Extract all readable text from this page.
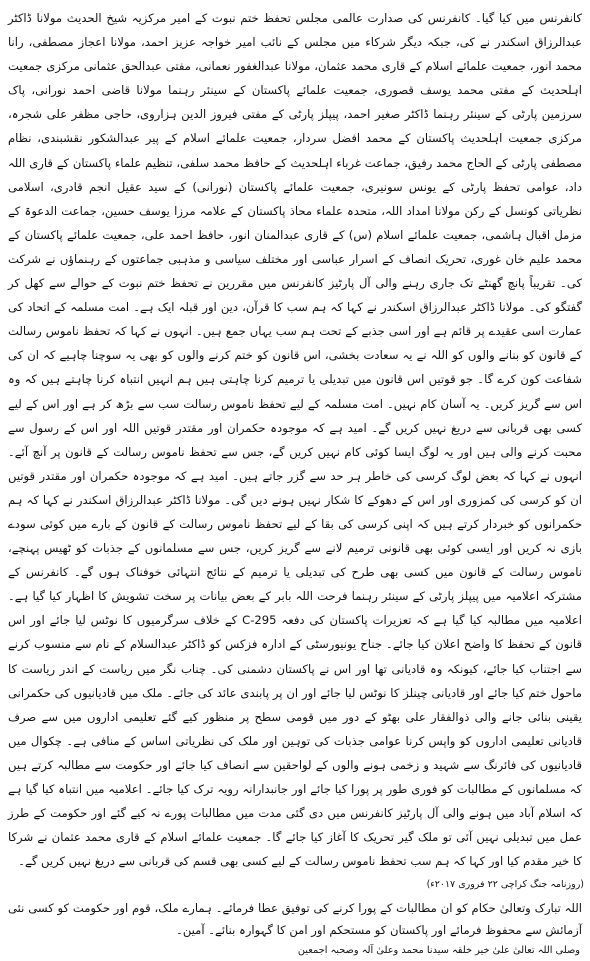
کانفرنس میں کیا گیا۔ کانفرنس کی صدارت عالمی مجلس تحفظ ختم نبوت کے امیر مرکزیہ شیخ الحدیث مولانا ڈاکٹر عبدالرزاق اسکندر نے کی، جبکہ دیگر شرکاء میں مجلس کے نائب امیر خواجہ عزیز احمد، مولانا اعجاز مصطفی، رانا محمد انور، جمعیت علمائے اسلام کے قاری محمد عثمان، مولانا عبدالغفور نعمانی، مفتی عبدالحق عثمانی مرکزی جمعیت اہلحدیث کے مفتی محمد یوسف قصوری، جمعیت علمائے پاکستان کے سینئر رہنما مولانا قاضی احمد نورانی، پاک سرزمین پارٹی کے سینئر رہنما ڈاکٹر صغیر احمد، پیپلز پارٹی کے مفتی فیروز الدین ہزاروی، حاجی مظفر علی شجرہ، مرکزی جمعیت اہلحدیث پاکستان کے محمد افضل سردار، جمعیت علمائے اسلام کے پیر عبدالشکور نقشبندی، نظام مصطفی پارٹی کے الحاج محمد رفیق، جماعت غرباء اہلحدیث کے حافظ محمد سلفی، تنظیم علماء پاکستان کے قاری اللہ داد، عوامی تحفظ پارٹی کے یونس سونیری، جمعیت علمائے پاکستان (نورانی) کے سید عقیل انجم قادری، اسلامی نظریاتی کونسل کے رکن مولانا امداد اللہ، متحدہ علماء محاذ پاکستان کے علامہ مرزا یوسف حسین، جماعت الدعوۃ کے مزمل اقبال ہاشمی، جمعیت علمائے اسلام (س) کے قاری عبدالمنان انور، حافظ احمد علی، جمعیت علمائے پاکستان کے محمد علیم خان غوری، تحریک انصاف کے اسرار عباسی اور مختلف سیاسی و مذہبی جماعتوں کے رہنماؤں نے شرکت کی۔ تقریباً پانچ گھنٹے تک جاری رہنے والی آل پارٹیز کانفرنس میں مقررین نے تحفظ ختم نبوت کے حوالے سے کھل کر گفتگو کی۔ مولانا ڈاکٹر عبدالرزاق اسکندر نے کہا کہ ہم سب کا قرآن، دین اور قبلہ ایک ہے۔ امت مسلمہ کے اتحاد کی عمارت اسی عقیدے پر قائم ہے اور اسی جذبے کے تحت ہم سب یہاں جمع ہیں۔ انہوں نے کہا کہ تحفظ ناموس رسالت کے قانون کو بنانے والوں کو اللہ نے یہ سعادت بخشی، اس قانون کو ختم کرنے والوں کو بھی یہ سوچنا چاہیے کہ ان کی شفاعت کون کرے گا۔ جو قوتیں اس قانون میں تبدیلی یا ترمیم کرنا چاہتی ہیں ہم انہیں انتباہ کرنا چاہتے ہیں کہ وہ اس سے گریز کریں۔ یہ آسان کام نہیں۔ امت مسلمہ کے لیے تحفظ ناموس رسالت سب سے بڑھ کر ہے اور اس کے لیے کسی بھی قربانی سے دریغ نہیں کریں گے۔ امید ہے کہ موجودہ حکمران اور مقتدر قوتیں اللہ اور اس کے رسول سے محبت کرنے والی ہیں اور یہ لوگ ایسا کوئی کام نہیں کریں گے، جس سے تحفظ ناموس رسالت کے قانون پر آنچ آئے۔ انہوں نے کہا کہ بعض لوگ کرسی کی خاطر ہر حد سے گزر جاتے ہیں۔ امید ہے کہ موجودہ حکمران اور مقتدر قوتیں ان کو کرسی کی کمزوری اور اس کے دھوکے کا شکار نہیں ہونے دیں گی۔ مولانا ڈاکٹر عبدالرزاق اسکندر نے کہا کہ ہم حکمرانوں کو خبردار کرتے ہیں کہ اپنی کرسی کی بقا کے لیے تحفظ ناموس رسالت کے قانون کے بارے میں کوئی سودے بازی نہ کریں اور ایسی کوئی بھی قانونی ترمیم لانے سے گریز کریں، جس سے مسلمانوں کے جذبات کو ٹھیس پہنچے، ناموس رسالت کے قانون میں کسی بھی طرح کی تبدیلی یا ترمیم کے نتائج انتہائی خوفناک ہوں گے۔ کانفرنس کے مشترکہ اعلامیہ میں پیپلز پارٹی کے سینئر رہنما فرحت اللہ بابر کے بعض بیانات پر سخت تشویش کا اظہار کیا گیا ہے۔ اعلامیہ میں مطالبہ کیا گیا ہے کہ تعزیرات پاکستان کی دفعہ 295-C کے خلاف سرگرمیوں کا نوٹس لیا جائے اور اس قانون کے تحفظ کا واضح اعلان کیا جائے۔ جناح یونیورسٹی کے ادارہ فزکس کو ڈاکٹر عبدالسلام کے نام سے منسوب کرنے سے اجتناب کیا جائے، کیونکہ وہ قادیانی تھا اور اس نے پاکستان دشمنی کی۔ چناب نگر میں ریاست کے اندر ریاست کا ماحول ختم کیا جائے اور قادیانی چینلز کا نوٹس لیا جائے اور ان پر پابندی عائد کی جائے۔ ملک میں قادیانیوں کی حکمرانی یقینی بنائی جانے والی ذوالفقار علی بھٹو کے دور میں قومی سطح پر منظور کیے گئے تعلیمی اداروں میں سے صرف قادیانی تعلیمی اداروں کو واپس کرنا عوامی جذبات کی توہین اور ملک کی نظریاتی اساس کے منافی ہے۔ چکوال میں قادیانیوں کی فائرنگ سے شہید و زخمی ہونے والوں کے لواحقین سے انصاف کیا جائے اور حکومت سے مطالبہ کرتے ہیں کہ مسلمانوں کے مطالبات کو فوری طور پر پورا کیا جائے اور جانبدارانہ رویہ ترک کیا جائے۔ اعلامیہ میں انتباہ کیا گیا ہے کہ اسلام آباد میں ہونے والی آل پارٹیز کانفرنس میں دی گئی مدت میں مطالبات پورے نہ کیے گئے اور حکومت کے طرز عمل میں تبدیلی نہیں آئی تو ملک گیر تحریک کا آغاز کیا جائے گا۔ جمعیت علمائے اسلام کے قاری محمد عثمان نے شرکا کا خیر مقدم کیا اور کہا کہ ہم سب تحفظ ناموس رسالت کے لیے کسی بھی قسم کی قربانی سے دریغ نہیں کریں گے۔

(روزنامہ جنگ کراچی ۲۲ فروری ۲۰۱۷ء)

اللہ تبارک وتعالیٰ حکام کو ان مطالبات کے پورا کرنے کی توفیق عطا فرمائے۔ ہمارے ملک، قوم اور حکومت کو کسی نئی آزمائش سے محفوظ فرمائے اور پاکستان کو مستحکم اور امن کا گہوارہ بنائے۔ آمین۔

وصلی اللہ تعالیٰ علیٰ خیر خلقہ سیدنا محمد وعلیٰ آلہ وصحبہ اجمعین
